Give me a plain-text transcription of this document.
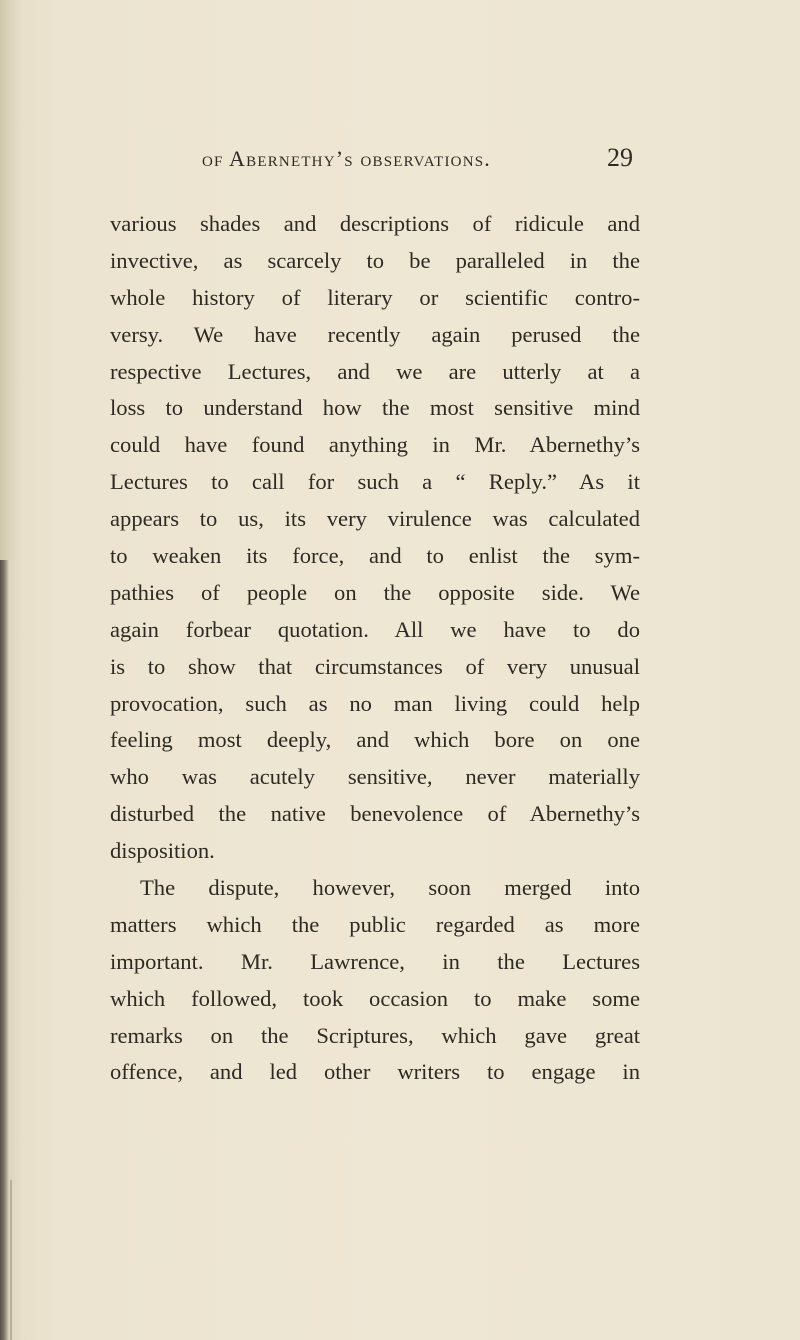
of Abernethy’s observations.	29
various shades and descriptions of ridicule and
invective, as scarcely to be paralleled in the
whole history of literary or scientific contro-
versy. We have recently again perused the
respective Lectures, and we are utterly at a
loss to understand how the most sensitive mind
could have found anything in Mr. Abernethy’s
Lectures to call for such a “ Reply.” As it
appears to us, its very virulence was calculated
to weaken its force, and to enlist the sym-
pathies of people on the opposite side. We
again forbear quotation. All we have to do
is to show that circumstances of very unusual
provocation, such as no man living could help
feeling most deeply, and which bore on one
who was acutely sensitive, never materially
disturbed the native benevolence of Abernethy’s
disposition.
The dispute, however, soon merged into
matters which the public regarded as more
important. Mr. Lawrence, in the Lectures
which followed, took occasion to make some
remarks on the Scriptures, which gave great
offence, and led other writers to engage in
